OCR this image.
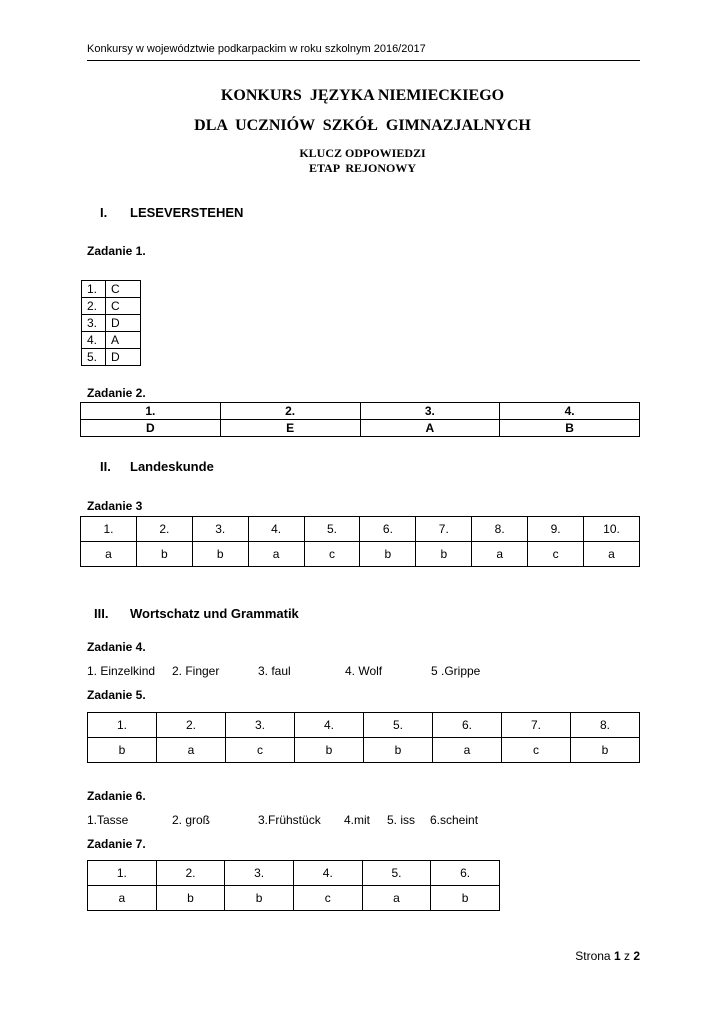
Konkursy w województwie podkarpackim w roku szkolnym 2016/2017
KONKURS  JĘZYKA NIEMIECKIEGO
DLA  UCZNIÓW  SZKÓŁ  GIMNAZJALNYCH
KLUCZ ODPOWIEDZI
ETAP  REJONOWY
I. LESEVERSTEHEN
Zadanie 1.
1.	C
2.	C
3.	D
4.	A
5.	D
Zadanie 2.
1.	2.	3.	4.
D	E	A	B
II. Landeskunde
Zadanie 3
1.	2.	3.	4.	5.	6.	7.	8.	9.	10.
a	b	b	a	c	b	b	a	c	a
III. Wortschatz und Grammatik
Zadanie 4.
1. Einzelkind 2. Finger	3. faul	4. Wolf	5 .Grippe
Zadanie 5.
1.	2.	3.	4.	5.	6.	7.	8.
b	a	c	b	b	a	c	b
Zadanie 6.
1.Tasse	2. groß	3.Frühstück 4.mit 5. iss 6.scheint
Zadanie 7.
1.	2.	3.	4.	5.	6.
a	b	b	c	a	b
Strona 1 z 2
